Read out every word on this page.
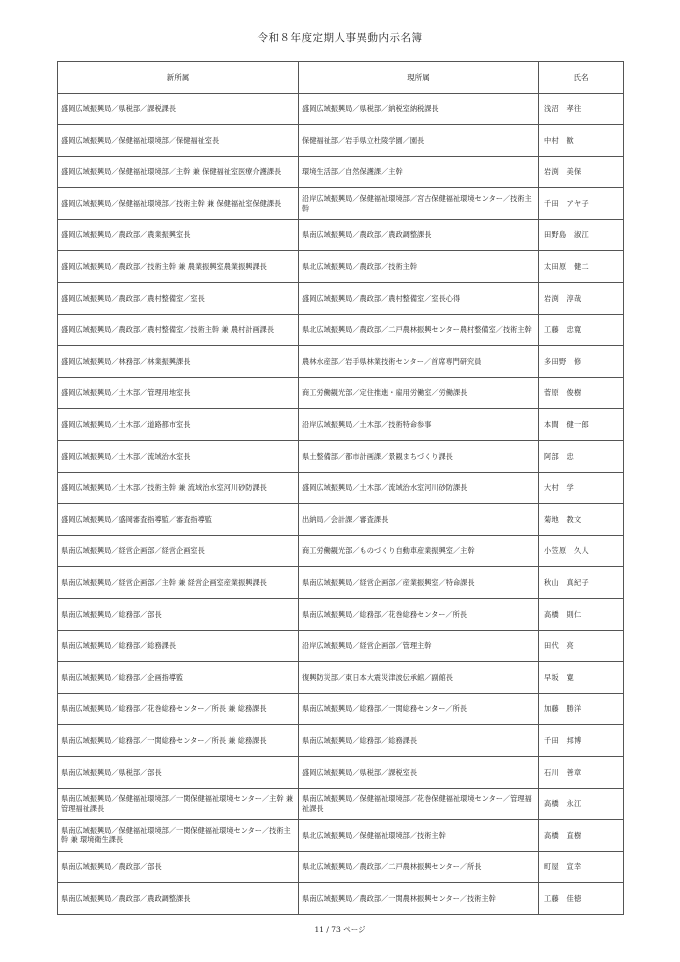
令和８年度定期人事異動内示名簿
新所属	現所属	氏名
盛岡広域振興局／県税部／課税課長	盛岡広域振興局／県税部／納税室納税課長	浅沼　孝往
盛岡広域振興局／保健福祉環境部／保健福祉室長	保健福祉部／岩手県立杜陵学園／園長	中村　歓
盛岡広域振興局／保健福祉環境部／主幹 兼 保健福祉室医療介護課長	環境生活部／自然保護課／主幹	岩渕　美保
盛岡広域振興局／保健福祉環境部／技術主幹 兼 保健福祉室保健課長	沿岸広域振興局／保健福祉環境部／宮古保健福祉環境センター／技術主幹	千田　アヤ子
盛岡広域振興局／農政部／農業振興室長	県南広域振興局／農政部／農政調整課長	田野島　淑江
盛岡広域振興局／農政部／技術主幹 兼 農業振興室農業振興課長	県北広域振興局／農政部／技術主幹	太田原　健二
盛岡広域振興局／農政部／農村整備室／室長	盛岡広域振興局／農政部／農村整備室／室長心得	岩渕　淳哉
盛岡広域振興局／農政部／農村整備室／技術主幹 兼 農村計画課長	県北広域振興局／農政部／二戸農林振興センター農村整備室／技術主幹	工藤　忠寛
盛岡広域振興局／林務部／林業振興課長	農林水産部／岩手県林業技術センター／首席専門研究員	多田野　修
盛岡広域振興局／土木部／管理用地室長	商工労働観光部／定住推進・雇用労働室／労働課長	菅原　俊樹
盛岡広域振興局／土木部／道路都市室長	沿岸広域振興局／土木部／技術特命参事	本間　健一郎
盛岡広域振興局／土木部／流域治水室長	県土整備部／都市計画課／景観まちづくり課長	阿部　忠
盛岡広域振興局／土木部／技術主幹 兼 流域治水室河川砂防課長	盛岡広域振興局／土木部／流域治水室河川砂防課長	大村　学
盛岡広域振興局／盛岡審査指導監／審査指導監	出納局／会計課／審査課長	菊地　教文
県南広域振興局／経営企画部／経営企画室長	商工労働観光部／ものづくり自動車産業振興室／主幹	小笠原　久人
県南広域振興局／経営企画部／主幹 兼 経営企画室産業振興課長	県南広域振興局／経営企画部／産業振興室／特命課長	秋山　真紀子
県南広域振興局／総務部／部長	県南広域振興局／総務部／花巻総務センター／所長	高橋　則仁
県南広域振興局／総務部／総務課長	沿岸広域振興局／経営企画部／管理主幹	田代　亮
県南広域振興局／総務部／企画指導監	復興防災部／東日本大震災津波伝承館／副館長	早坂　寛
県南広域振興局／総務部／花巻総務センター／所長 兼 総務課長	県南広域振興局／総務部／一関総務センター／所長	加藤　勝洋
県南広域振興局／総務部／一関総務センター／所長 兼 総務課長	県南広域振興局／総務部／総務課長	千田　邦博
県南広域振興局／県税部／部長	盛岡広域振興局／県税部／課税室長	石川　善章
県南広域振興局／保健福祉環境部／一関保健福祉環境センター／主幹 兼 管理福祉課長	県南広域振興局／保健福祉環境部／花巻保健福祉環境センター／管理福祉課長	高橋　永江
県南広域振興局／保健福祉環境部／一関保健福祉環境センター／技術主幹 兼 環境衛生課長	県北広域振興局／保健福祉環境部／技術主幹	高橋　直樹
県南広域振興局／農政部／部長	県北広域振興局／農政部／二戸農林振興センター／所長	町屋　宣幸
県南広域振興局／農政部／農政調整課長	県南広域振興局／農政部／一関農林振興センター／技術主幹	工藤　佳徳
11 / 73 ページ
